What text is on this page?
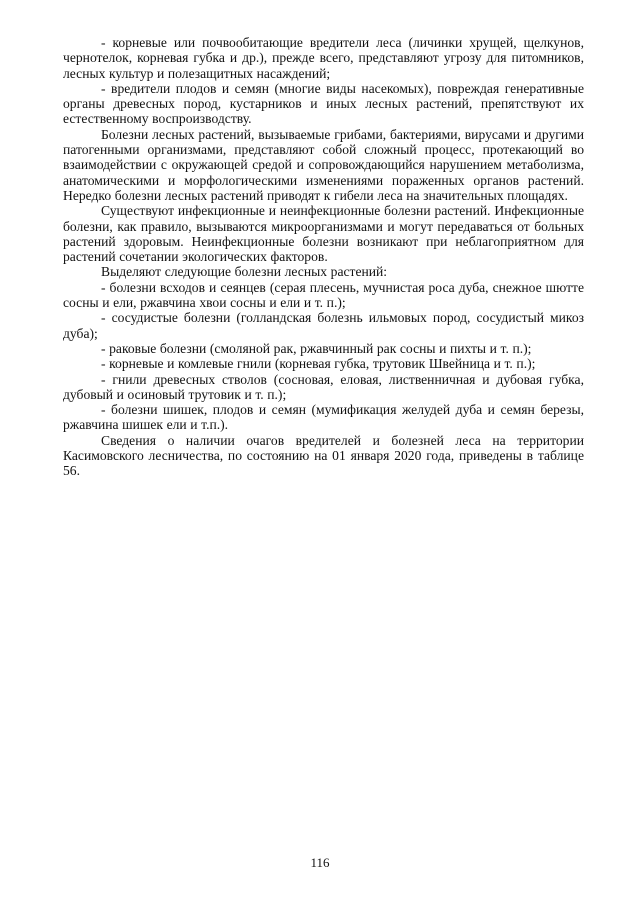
- корневые или почвообитающие вредители леса (личинки хрущей, щелкунов, чернотелок, корневая губка и др.), прежде всего, представляют угрозу для питомников, лесных культур и полезащитных насаждений;

- вредители плодов и семян (многие виды насекомых), повреждая генеративные органы древесных пород, кустарников и иных лесных растений, препятствуют их естественному воспроизводству.

Болезни лесных растений, вызываемые грибами, бактериями, вирусами и другими патогенными организмами, представляют собой сложный процесс, протекающий во взаимодействии с окружающей средой и сопровождающийся нарушением метаболизма, анатомическими и морфологическими изменениями пораженных органов растений. Нередко болезни лесных растений приводят к гибели леса на значительных площадях.

Существуют инфекционные и неинфекционные болезни растений. Инфекционные болезни, как правило, вызываются микроорганизмами и могут передаваться от больных растений здоровым. Неинфекционные болезни возникают при неблагоприятном для растений сочетании экологических факторов.

Выделяют следующие болезни лесных растений:

- болезни всходов и сеянцев (серая плесень, мучнистая роса дуба, снежное шютте сосны и ели, ржавчина хвои сосны и ели и т. п.);

- сосудистые болезни (голландская болезнь ильмовых пород, сосудистый микоз дуба);

- раковые болезни (смоляной рак, ржавчинный рак сосны и пихты и т. п.);

- корневые и комлевые гнили (корневая губка, трутовик Швейница и т. п.);

- гнили древесных стволов (сосновая, еловая, лиственничная и дубовая губка, дубовый и осиновый трутовик и т. п.);

- болезни шишек, плодов и семян (мумификация желудей дуба и семян березы, ржавчина шишек ели и т.п.).

Сведения о наличии очагов вредителей и болезней леса на территории Касимовского лесничества, по состоянию на 01 января 2020 года, приведены в таблице 56.

116
